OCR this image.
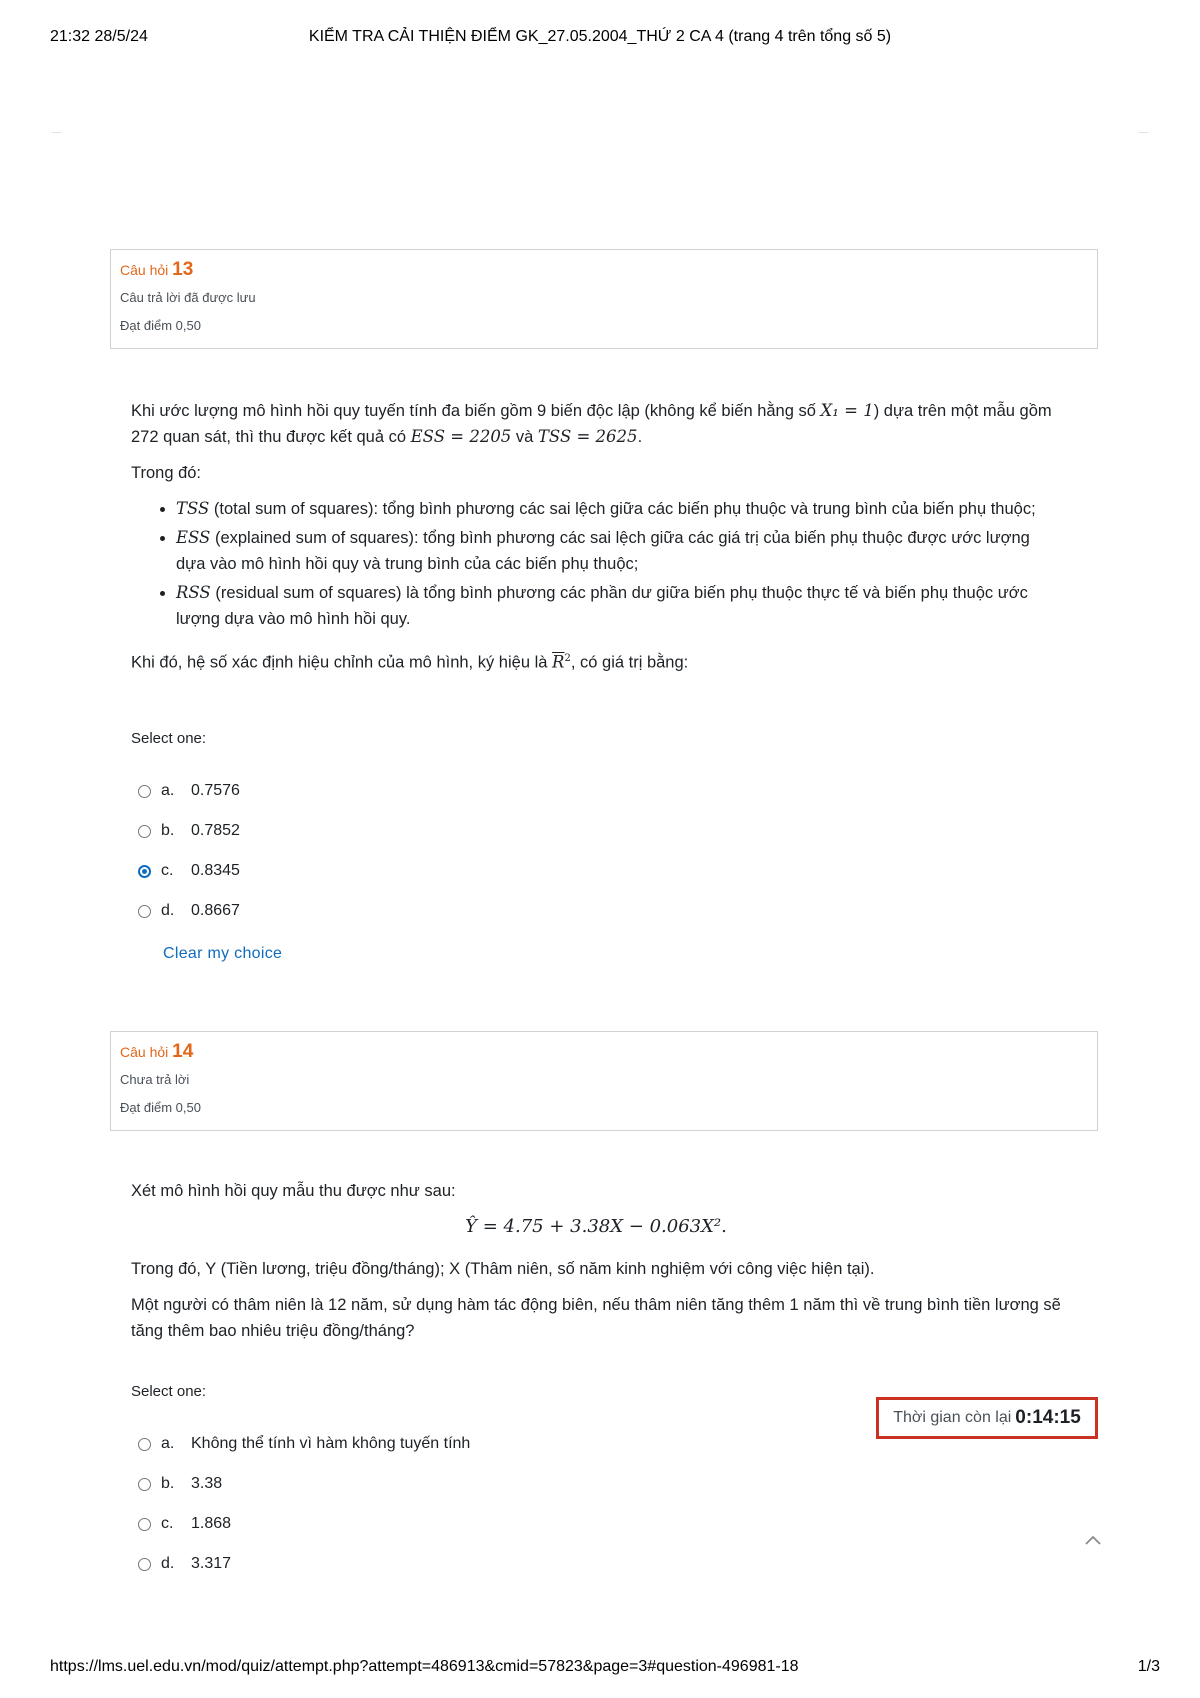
21:32 28/5/24	KIỂM TRA CẢI THIỆN ĐIỂM GK_27.05.2004_THỨ 2 CA 4 (trang 4 trên tổng số 5)
Câu hỏi 13
Câu trả lời đã được lưu
Đạt điểm 0,50

Khi ước lượng mô hình hồi quy tuyến tính đa biến gồm 9 biến độc lập (không kể biến hằng số X₁ = 1) dựa trên một mẫu gồm 272 quan sát, thì thu được kết quả có ESS = 2205 và TSS = 2625.

Trong đó:

• TSS (total sum of squares): tổng bình phương các sai lệch giữa các biến phụ thuộc và trung bình của biến phụ thuộc;
• ESS (explained sum of squares): tổng bình phương các sai lệch giữa các giá trị của biến phụ thuộc được ước lượng dựa vào mô hình hồi quy và trung bình của các biến phụ thuộc;
• RSS (residual sum of squares) là tổng bình phương các phần dư giữa biến phụ thuộc thực tế và biến phụ thuộc ước lượng dựa vào mô hình hồi quy.

Khi đó, hệ số xác định hiệu chỉnh của mô hình, ký hiệu là $\overline{R}^2$, có giá trị bằng:

Select one:
a.	0.7576
b.	0.7852
c.	0.8345
d.	0.8667
Clear my choice
Câu hỏi 14
Chưa trả lời
Đạt điểm 0,50

Xét mô hình hồi quy mẫu thu được như sau:

Ŷ = 4.75 + 3.38X − 0.063X².

Trong đó, Y (Tiền lương, triệu đồng/tháng); X (Thâm niên, số năm kinh nghiệm với công việc hiện tại).

Một người có thâm niên là 12 năm, sử dụng hàm tác động biên, nếu thâm niên tăng thêm 1 năm thì về trung bình tiền lương sẽ tăng thêm bao nhiêu triệu đồng/tháng?

Select one:
a.	Không thể tính vì hàm không tuyến tính
b.	3.38
c.	1.868
d.	3.317
Thời gian còn lại 0:14:15
https://lms.uel.edu.vn/mod/quiz/attempt.php?attempt=486913&cmid=57823&page=3#question-496981-18	1/3
